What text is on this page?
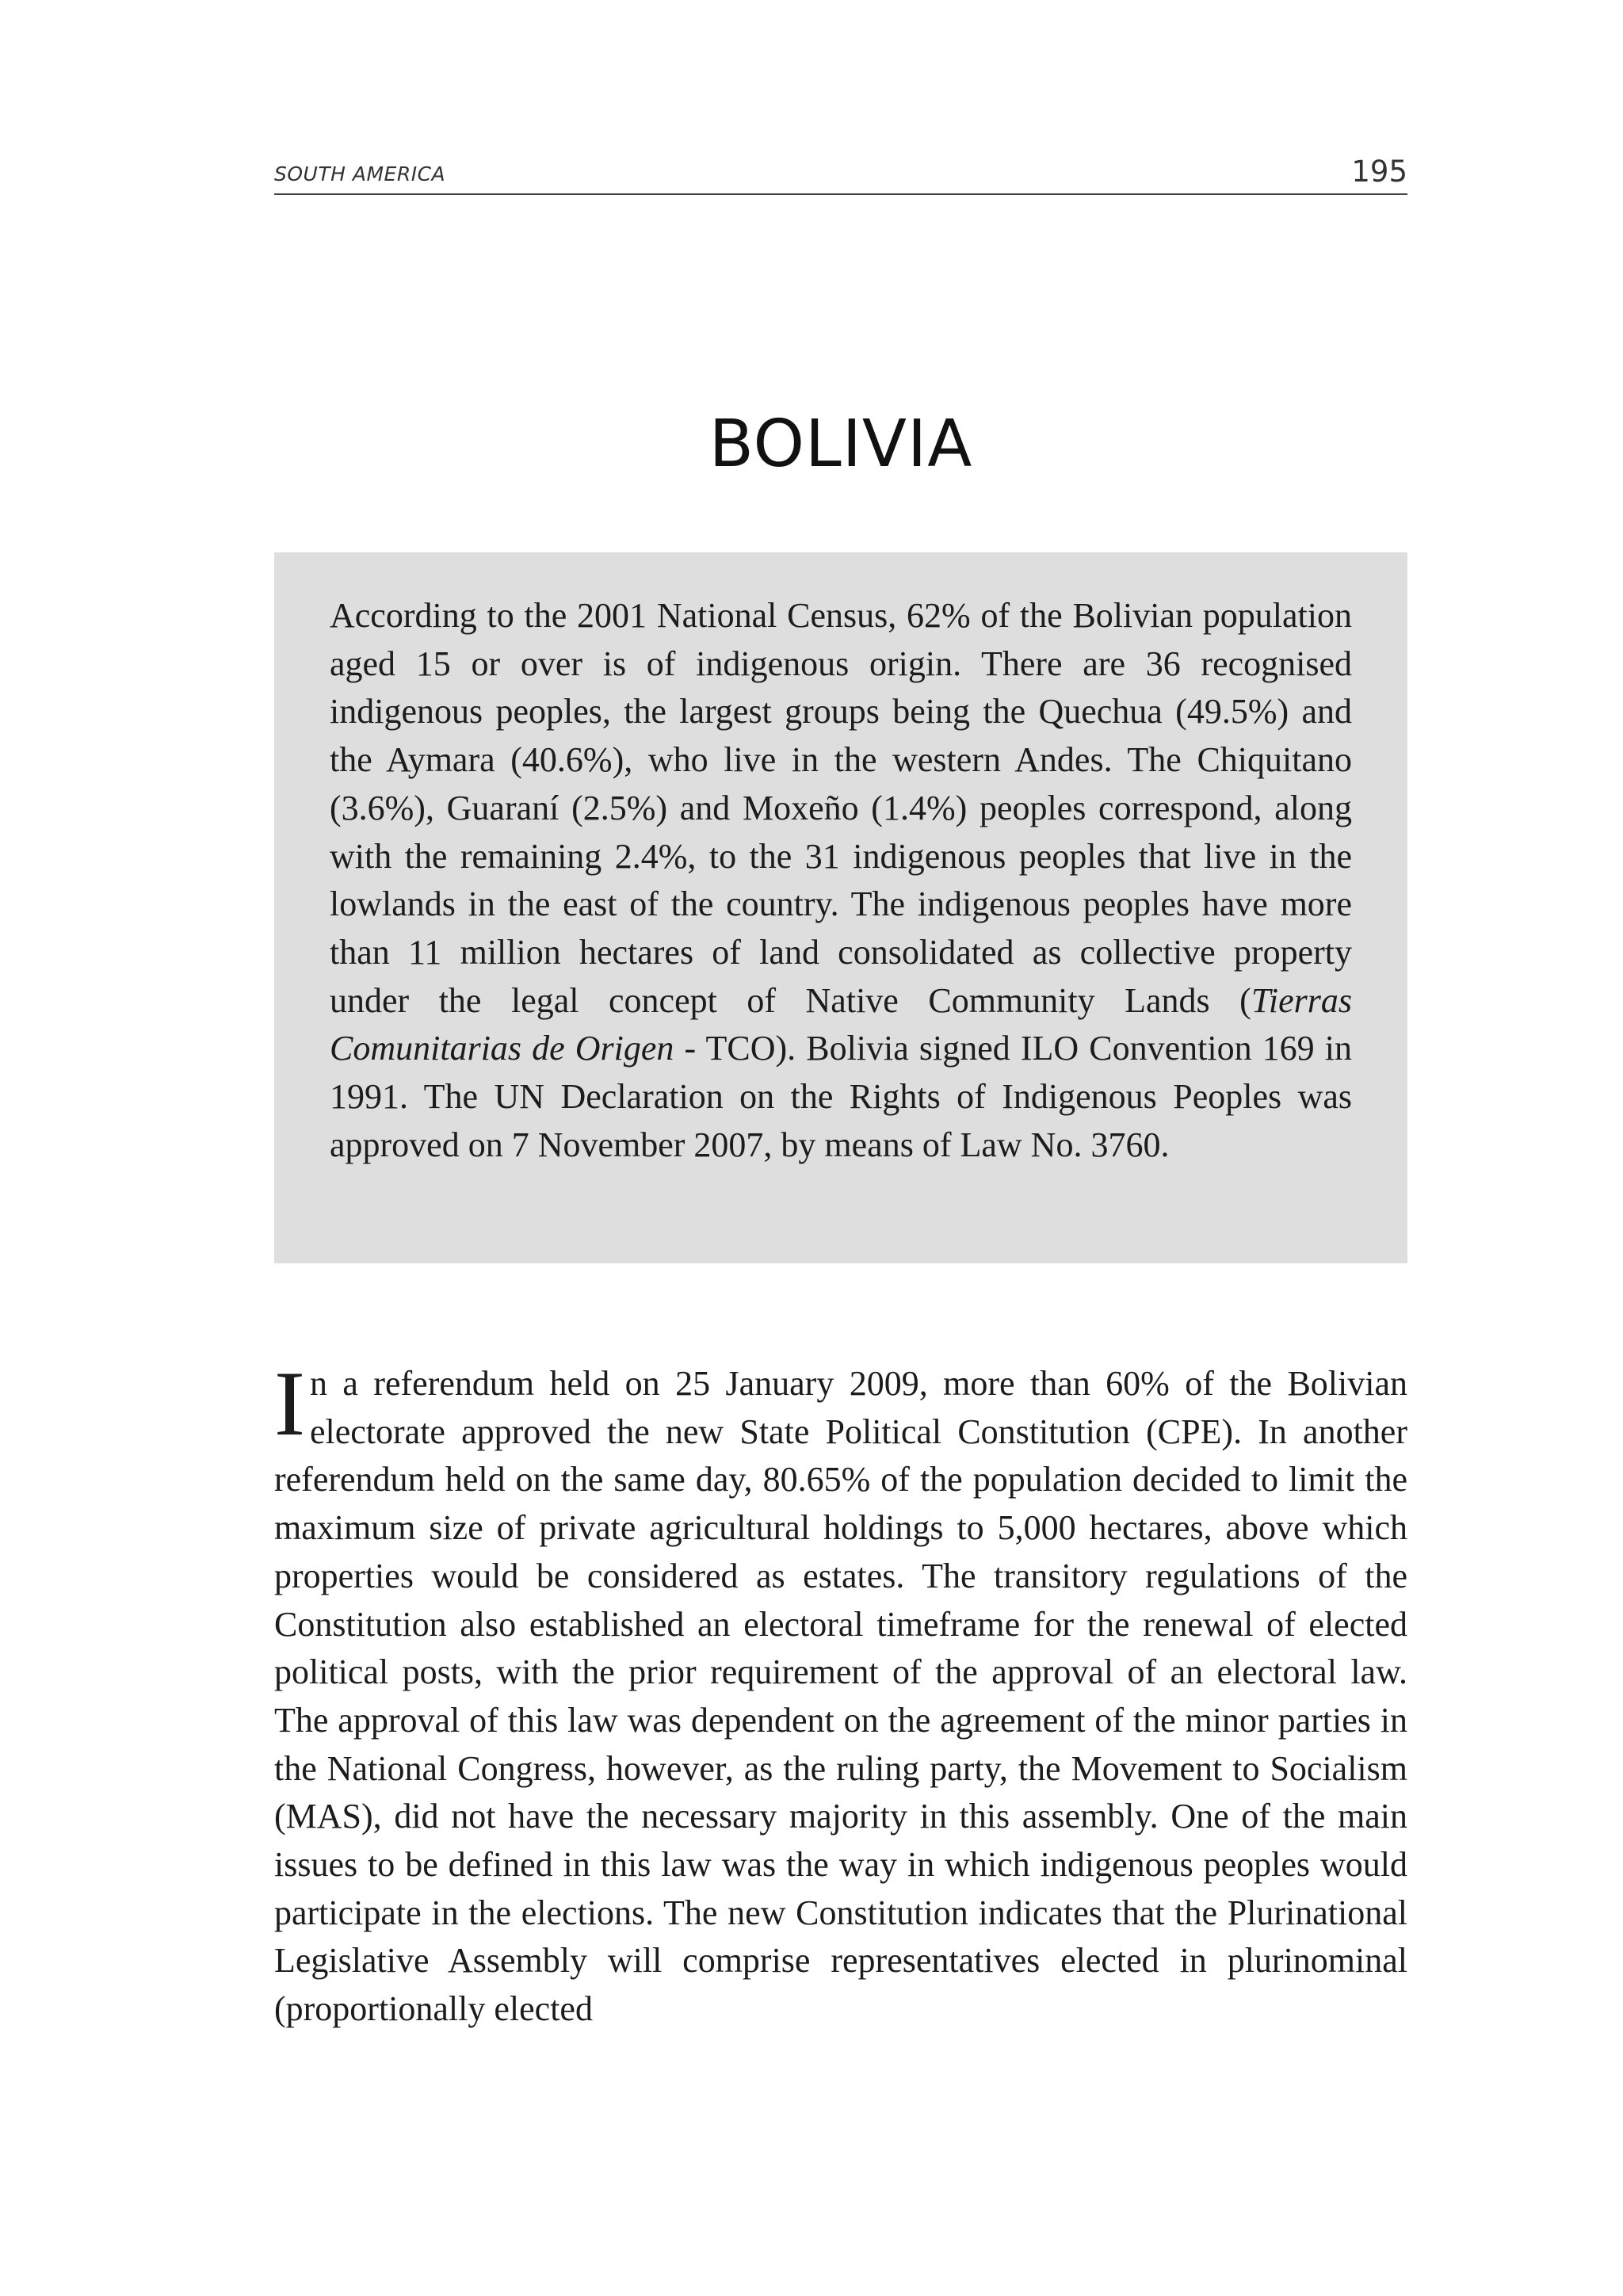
SOUTH AMERICA	195
BOLIVIA

According to the 2001 National Census, 62% of the Bolivian population aged 15 or over is of indigenous origin. There are 36 recognised indigenous peoples, the largest groups being the Quechua (49.5%) and the Aymara (40.6%), who live in the western Andes. The Chiquitano (3.6%), Guaraní (2.5%) and Moxeño (1.4%) peoples correspond, along with the remaining 2.4%, to the 31 indigenous peoples that live in the lowlands in the east of the country. The indigenous peoples have more than 11 million hectares of land consolidated as collective property under the legal concept of Native Community Lands (Tierras Comunitarias de Origen - TCO). Bolivia signed ILO Convention 169 in 1991. The UN Declaration on the Rights of Indigenous Peoples was approved on 7 November 2007, by means of Law No. 3760.

In a referendum held on 25 January 2009, more than 60% of the Bolivian electorate approved the new State Political Constitution (CPE). In another referendum held on the same day, 80.65% of the population decided to limit the maximum size of private agricultural holdings to 5,000 hectares, above which properties would be considered as estates. The transitory regulations of the Constitution also established an electoral timeframe for the renewal of elected political posts, with the prior requirement of the approval of an electoral law. The approval of this law was dependent on the agreement of the minor parties in the National Congress, however, as the ruling party, the Movement to Socialism (MAS), did not have the necessary majority in this assembly. One of the main issues to be defined in this law was the way in which indigenous peoples would participate in the elections. The new Constitution indicates that the Plurinational Legislative Assembly will comprise representatives elected in plurinominal (proportionally elected
